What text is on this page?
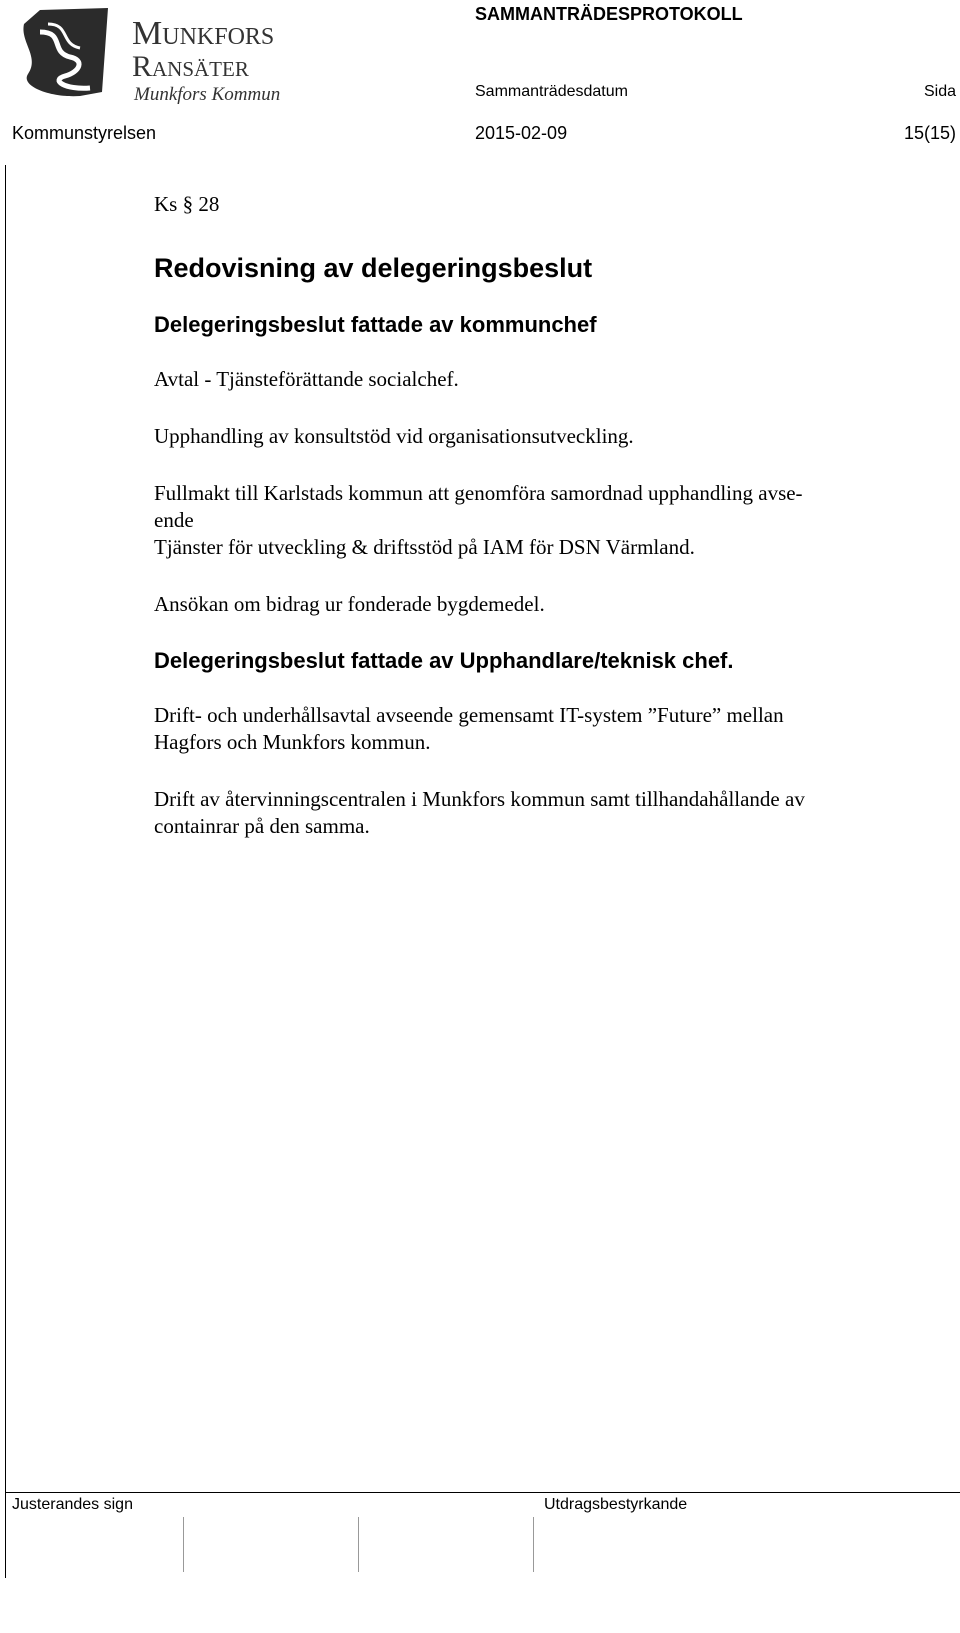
Munkfors
Ransäter
Munkfors Kommun
SAMMANTRÄDESPROTOKOLL
Sammanträdesdatum	Sida
Kommunstyrelsen	2015-02-09	15(15)

Ks § 28

Redovisning av delegeringsbeslut
Delegeringsbeslut fattade av kommunchef

Avtal - Tjänsteförättande socialchef.

Upphandling av konsultstöd vid organisationsutveckling.

Fullmakt till Karlstads kommun att genomföra samordnad upphandling avse-
ende
Tjänster för utveckling & driftsstöd på IAM för DSN Värmland.

Ansökan om bidrag ur fonderade bygdemedel.

Delegeringsbeslut fattade av Upphandlare/teknisk chef.

Drift- och underhållsavtal avseende gemensamt IT-system ”Future” mellan
Hagfors och Munkfors kommun.

Drift av återvinningscentralen i Munkfors kommun samt tillhandahållande av
containrar på den samma.

Justerandes sign	Utdragsbestyrkande
